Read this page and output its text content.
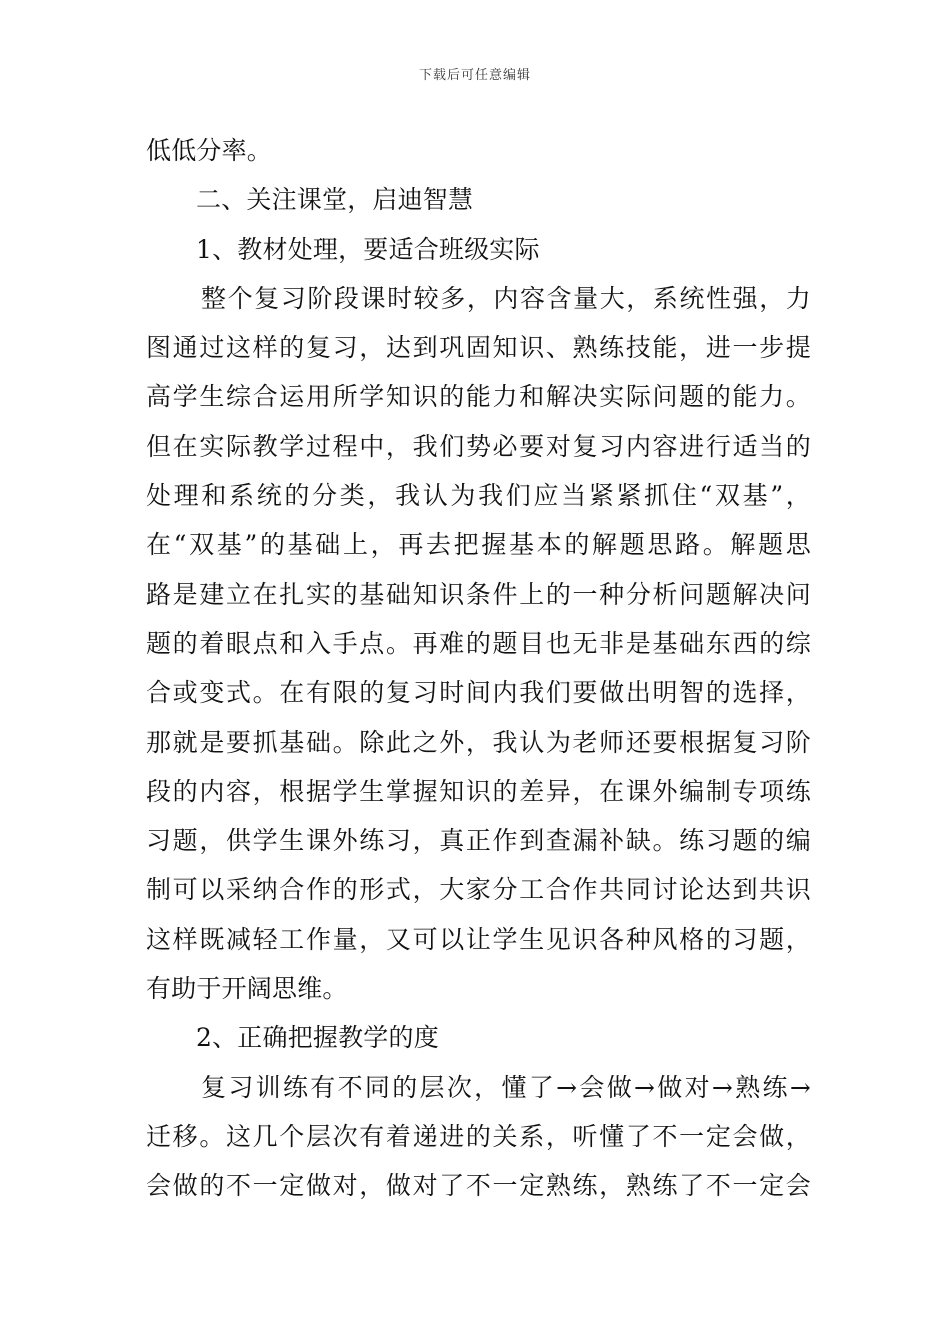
下载后可任意编辑
低低分率。
二、关注课堂，启迪智慧
1、教材处理，要适合班级实际
整个复习阶段课时较多，内容含量大，系统性强，力
图通过这样的复习，达到巩固知识、熟练技能，进一步提
高学生综合运用所学知识的能力和解决实际问题的能力。
但在实际教学过程中，我们势必要对复习内容进行适当的
处理和系统的分类，我认为我们应当紧紧抓住“双基”，
在“双基”的基础上，再去把握基本的解题思路。解题思
路是建立在扎实的基础知识条件上的一种分析问题解决问
题的着眼点和入手点。再难的题目也无非是基础东西的综
合或变式。在有限的复习时间内我们要做出明智的选择，
那就是要抓基础。除此之外，我认为老师还要根据复习阶
段的内容，根据学生掌握知识的差异，在课外编制专项练
习题，供学生课外练习，真正作到查漏补缺。练习题的编
制可以采纳合作的形式，大家分工合作共同讨论达到共识
这样既减轻工作量，又可以让学生见识各种风格的习题，
有助于开阔思维。
2、正确把握教学的度
复习训练有不同的层次，懂了→会做→做对→熟练→
迁移。这几个层次有着递进的关系，听懂了不一定会做，
会做的不一定做对，做对了不一定熟练，熟练了不一定会
